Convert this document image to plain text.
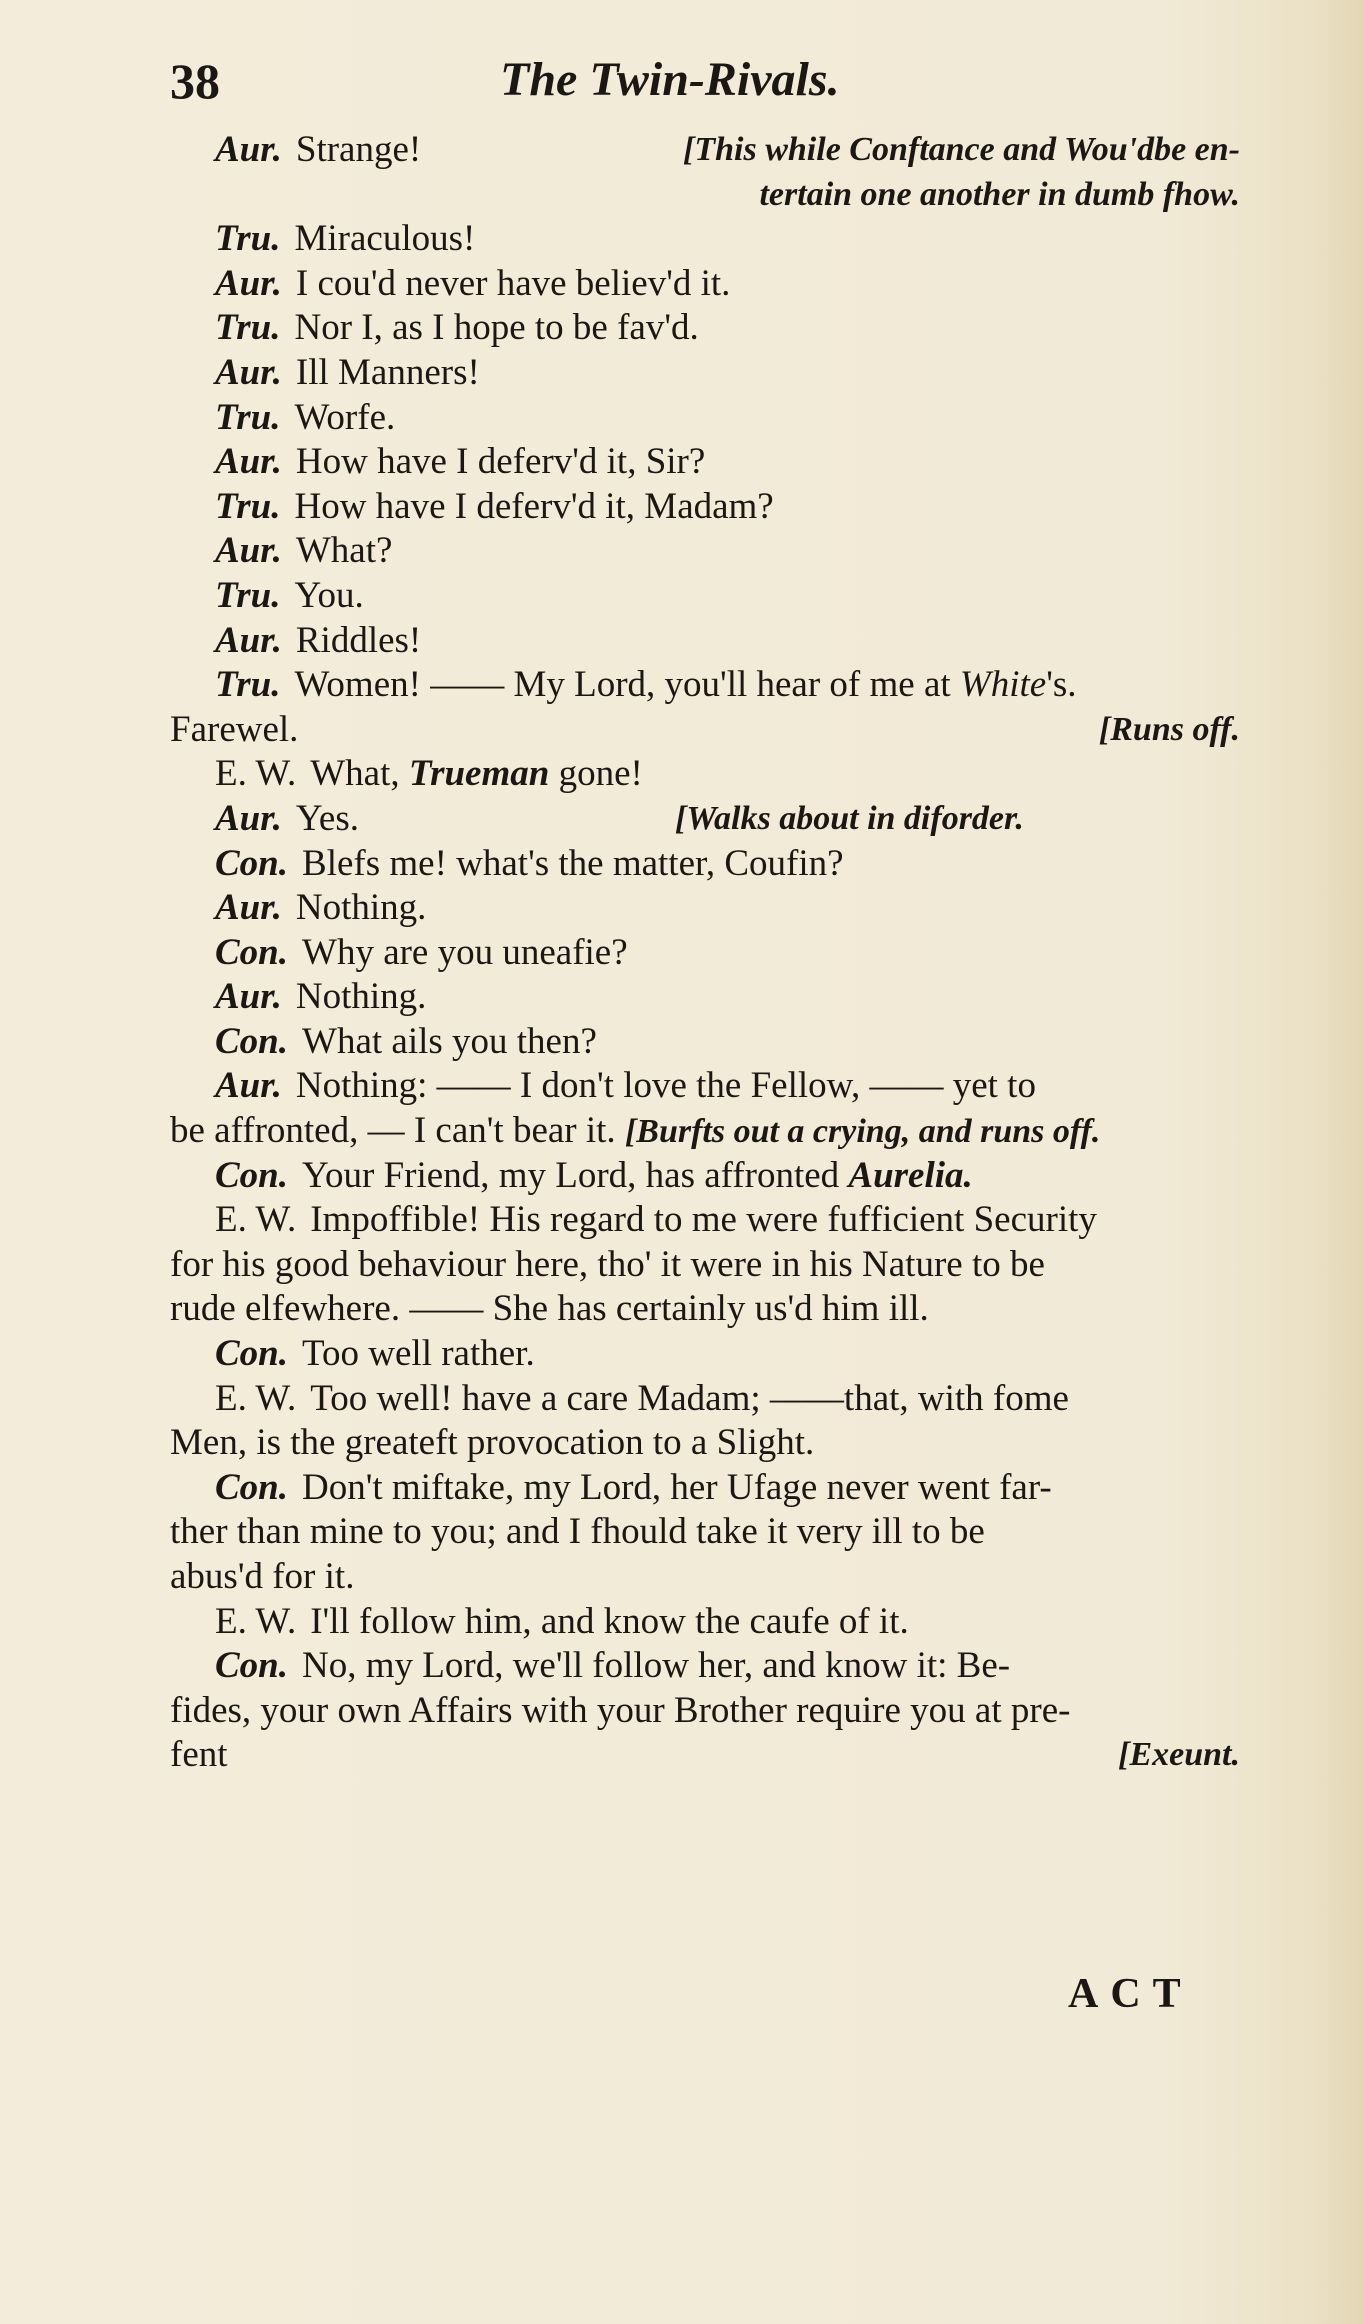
38	The Twin-Rivals.
Aur. Strange!	[This while Conftance and Wou'dbe en-
tertain one another in dumb fhow.
Tru. Miraculous!
Aur. I cou'd never have believ'd it.
Tru. Nor I, as I hope to be fav'd.
Aur. Ill Manners!
Tru. Worfe.
Aur. How have I deferv'd it, Sir?
Tru. How have I deferv'd it, Madam?
Aur. What?
Tru. You.
Aur. Riddles!
Tru. Women! —— My Lord, you'll hear of me at White's.
Farewel.	[Runs off.
E. W. What, Trueman gone!
Aur. Yes.	[Walks about in diforder.
Con. Blefs me! what's the matter, Coufin?
Aur. Nothing.
Con. Why are you uneafie?
Aur. Nothing.
Con. What ails you then?
Aur. Nothing: —— I don't love the Fellow, —— yet to
be affronted, — I can't bear it. [Burfts out a crying, and runs off.
Con. Your Friend, my Lord, has affronted Aurelia.
E. W. Impoffible! His regard to me were fufficient Security
for his good behaviour here, tho' it were in his Nature to be
rude elfewhere. —— She has certainly us'd him ill.
Con. Too well rather.
E. W. Too well! have a care Madam; ——that, with fome
Men, is the greateft provocation to a Slight.
Con. Don't miftake, my Lord, her Ufage never went far-
ther than mine to you; and I fhould take it very ill to be
abus'd for it.
E. W. I'll follow him, and know the caufe of it.
Con. No, my Lord, we'll follow her, and know it: Be-
fides, your own Affairs with your Brother require you at pre-
fent	[Exeunt.
ACT
